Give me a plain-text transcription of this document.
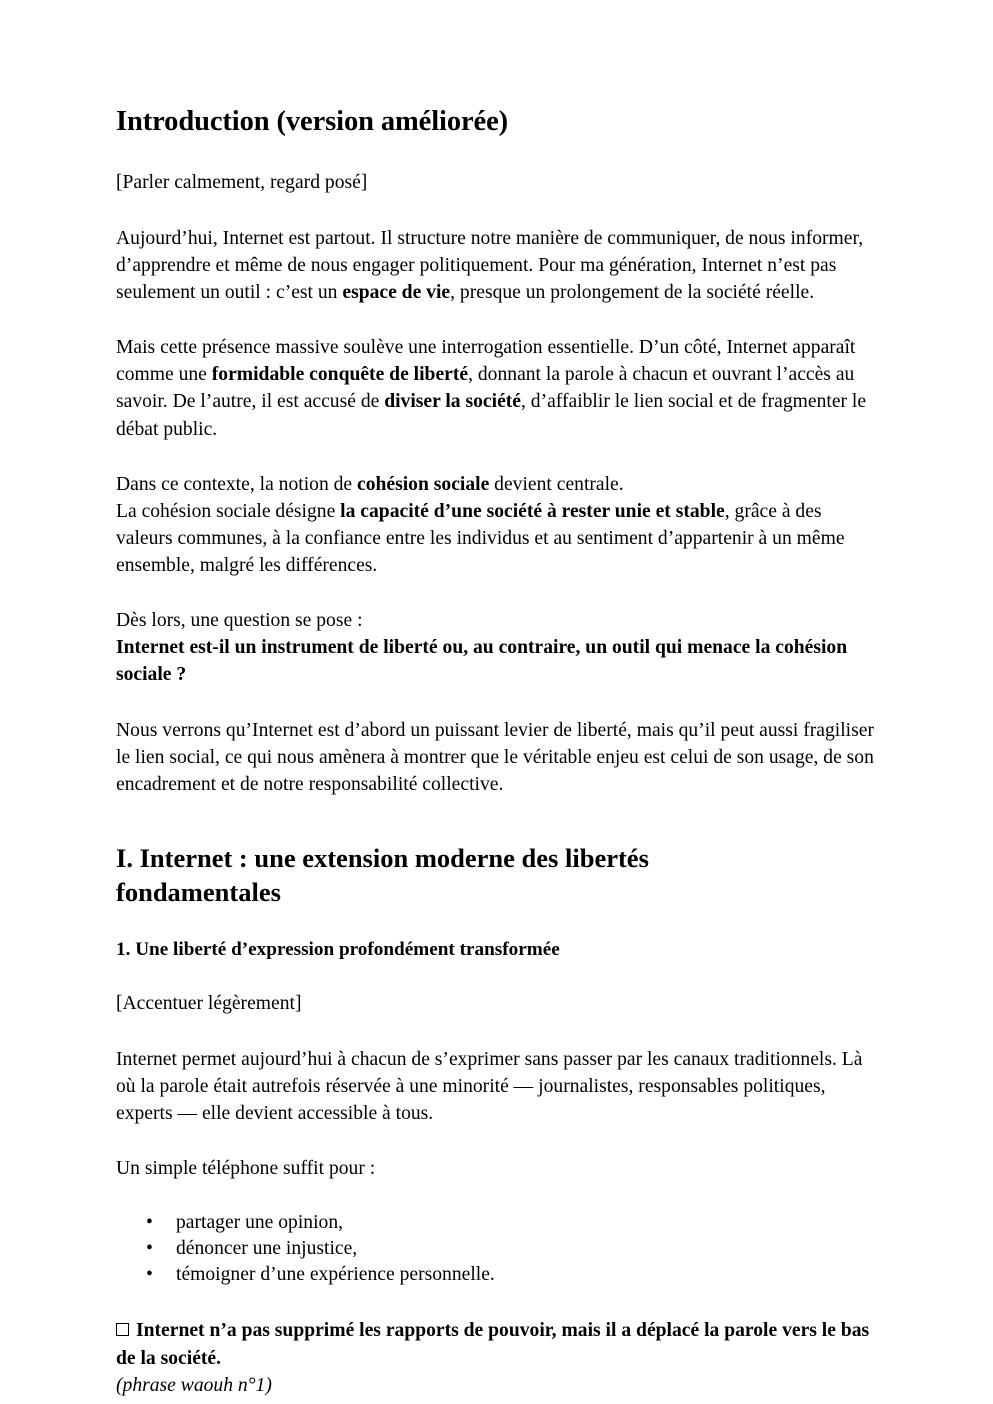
Introduction (version améliorée)

[Parler calmement, regard posé]

Aujourd’hui, Internet est partout. Il structure notre manière de communiquer, de nous informer, d’apprendre et même de nous engager politiquement. Pour ma génération, Internet n’est pas seulement un outil : c’est un espace de vie, presque un prolongement de la société réelle.

Mais cette présence massive soulève une interrogation essentielle. D’un côté, Internet apparaît comme une formidable conquête de liberté, donnant la parole à chacun et ouvrant l’accès au savoir. De l’autre, il est accusé de diviser la société, d’affaiblir le lien social et de fragmenter le débat public.

Dans ce contexte, la notion de cohésion sociale devient centrale.
La cohésion sociale désigne la capacité d’une société à rester unie et stable, grâce à des valeurs communes, à la confiance entre les individus et au sentiment d’appartenir à un même ensemble, malgré les différences.

Dès lors, une question se pose :
Internet est-il un instrument de liberté ou, au contraire, un outil qui menace la cohésion sociale ?

Nous verrons qu’Internet est d’abord un puissant levier de liberté, mais qu’il peut aussi fragiliser le lien social, ce qui nous amènera à montrer que le véritable enjeu est celui de son usage, de son encadrement et de notre responsabilité collective.

I. Internet : une extension moderne des libertés fondamentales
1. Une liberté d’expression profondément transformée

[Accentuer légèrement]

Internet permet aujourd’hui à chacun de s’exprimer sans passer par les canaux traditionnels. Là où la parole était autrefois réservée à une minorité — journalistes, responsables politiques, experts — elle devient accessible à tous.

Un simple téléphone suffit pour :

• partager une opinion,
• dénoncer une injustice,
• témoigner d’une expérience personnelle.

Internet n’a pas supprimé les rapports de pouvoir, mais il a déplacé la parole vers le bas de la société.

(phrase waouh n°1)
